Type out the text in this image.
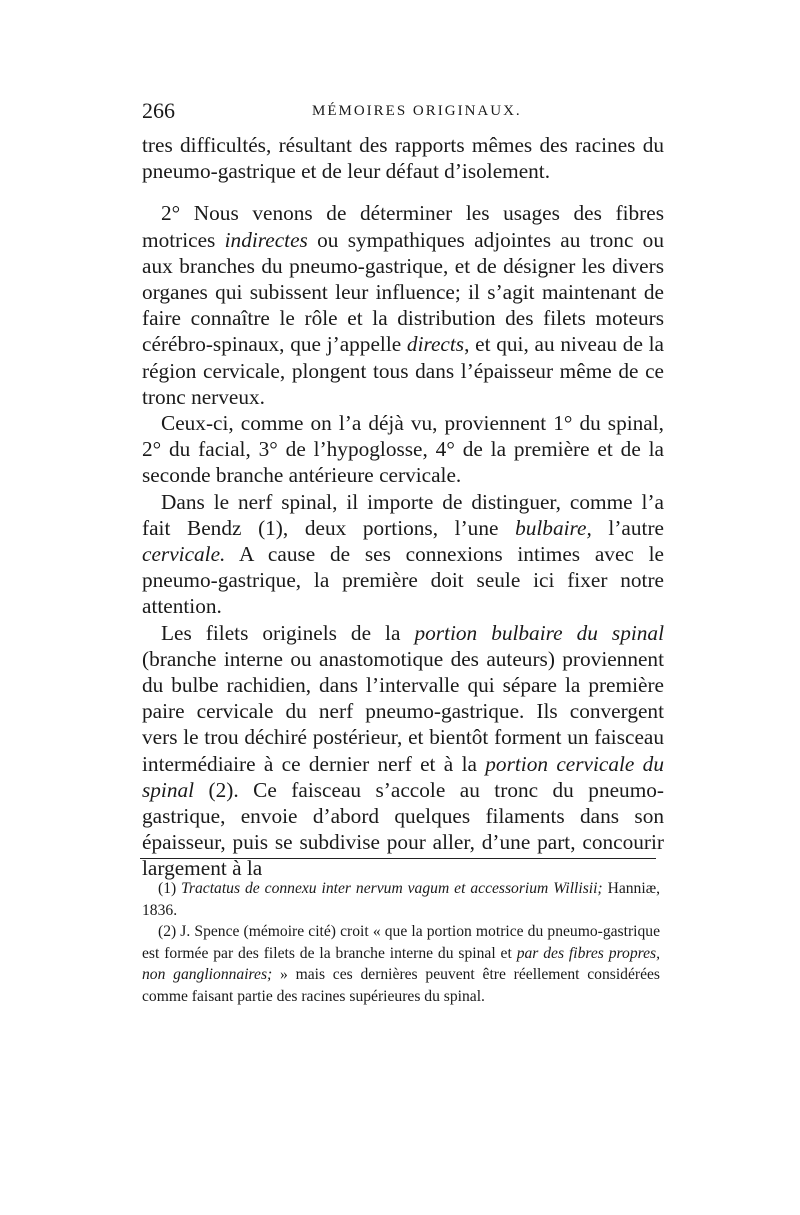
266	MÉMOIRES ORIGINAUX.

tres difficultés, résultant des rapports mêmes des racines du pneumo-gastrique et de leur défaut d’isolement.

2° Nous venons de déterminer les usages des fibres motrices indirectes ou sympathiques adjointes au tronc ou aux branches du pneumo-gastrique, et de désigner les divers organes qui subissent leur influence; il s’agit maintenant de faire connaître le rôle et la distribution des filets moteurs cérébro-spinaux, que j’appelle directs, et qui, au niveau de la région cervicale, plongent tous dans l’épaisseur même de ce tronc nerveux.

Ceux-ci, comme on l’a déjà vu, proviennent 1° du spinal, 2° du facial, 3° de l’hypoglosse, 4° de la première et de la seconde branche antérieure cervicale.

Dans le nerf spinal, il importe de distinguer, comme l’a fait Bendz (1), deux portions, l’une bulbaire, l’autre cervicale. A cause de ses connexions intimes avec le pneumo-gastrique, la première doit seule ici fixer notre attention.

Les filets originels de la portion bulbaire du spinal (branche interne ou anastomotique des auteurs) proviennent du bulbe rachidien, dans l’intervalle qui sépare la première paire cervicale du nerf pneumo-gastrique. Ils convergent vers le trou déchiré postérieur, et bientôt forment un faisceau intermédiaire à ce dernier nerf et à la portion cervicale du spinal (2). Ce faisceau s’accole au tronc du pneumo-gastrique, envoie d’abord quelques filaments dans son épaisseur, puis se subdivise pour aller, d’une part, concourir largement à la

(1) Tractatus de connexu inter nervum vagum et accessorium Willisii; Hanniæ, 1836.

(2) J. Spence (mémoire cité) croit « que la portion motrice du pneumo-gastrique est formée par des filets de la branche interne du spinal et par des fibres propres, non ganglionnaires; » mais ces dernières peuvent être réellement considérées comme faisant partie des racines supérieures du spinal.
